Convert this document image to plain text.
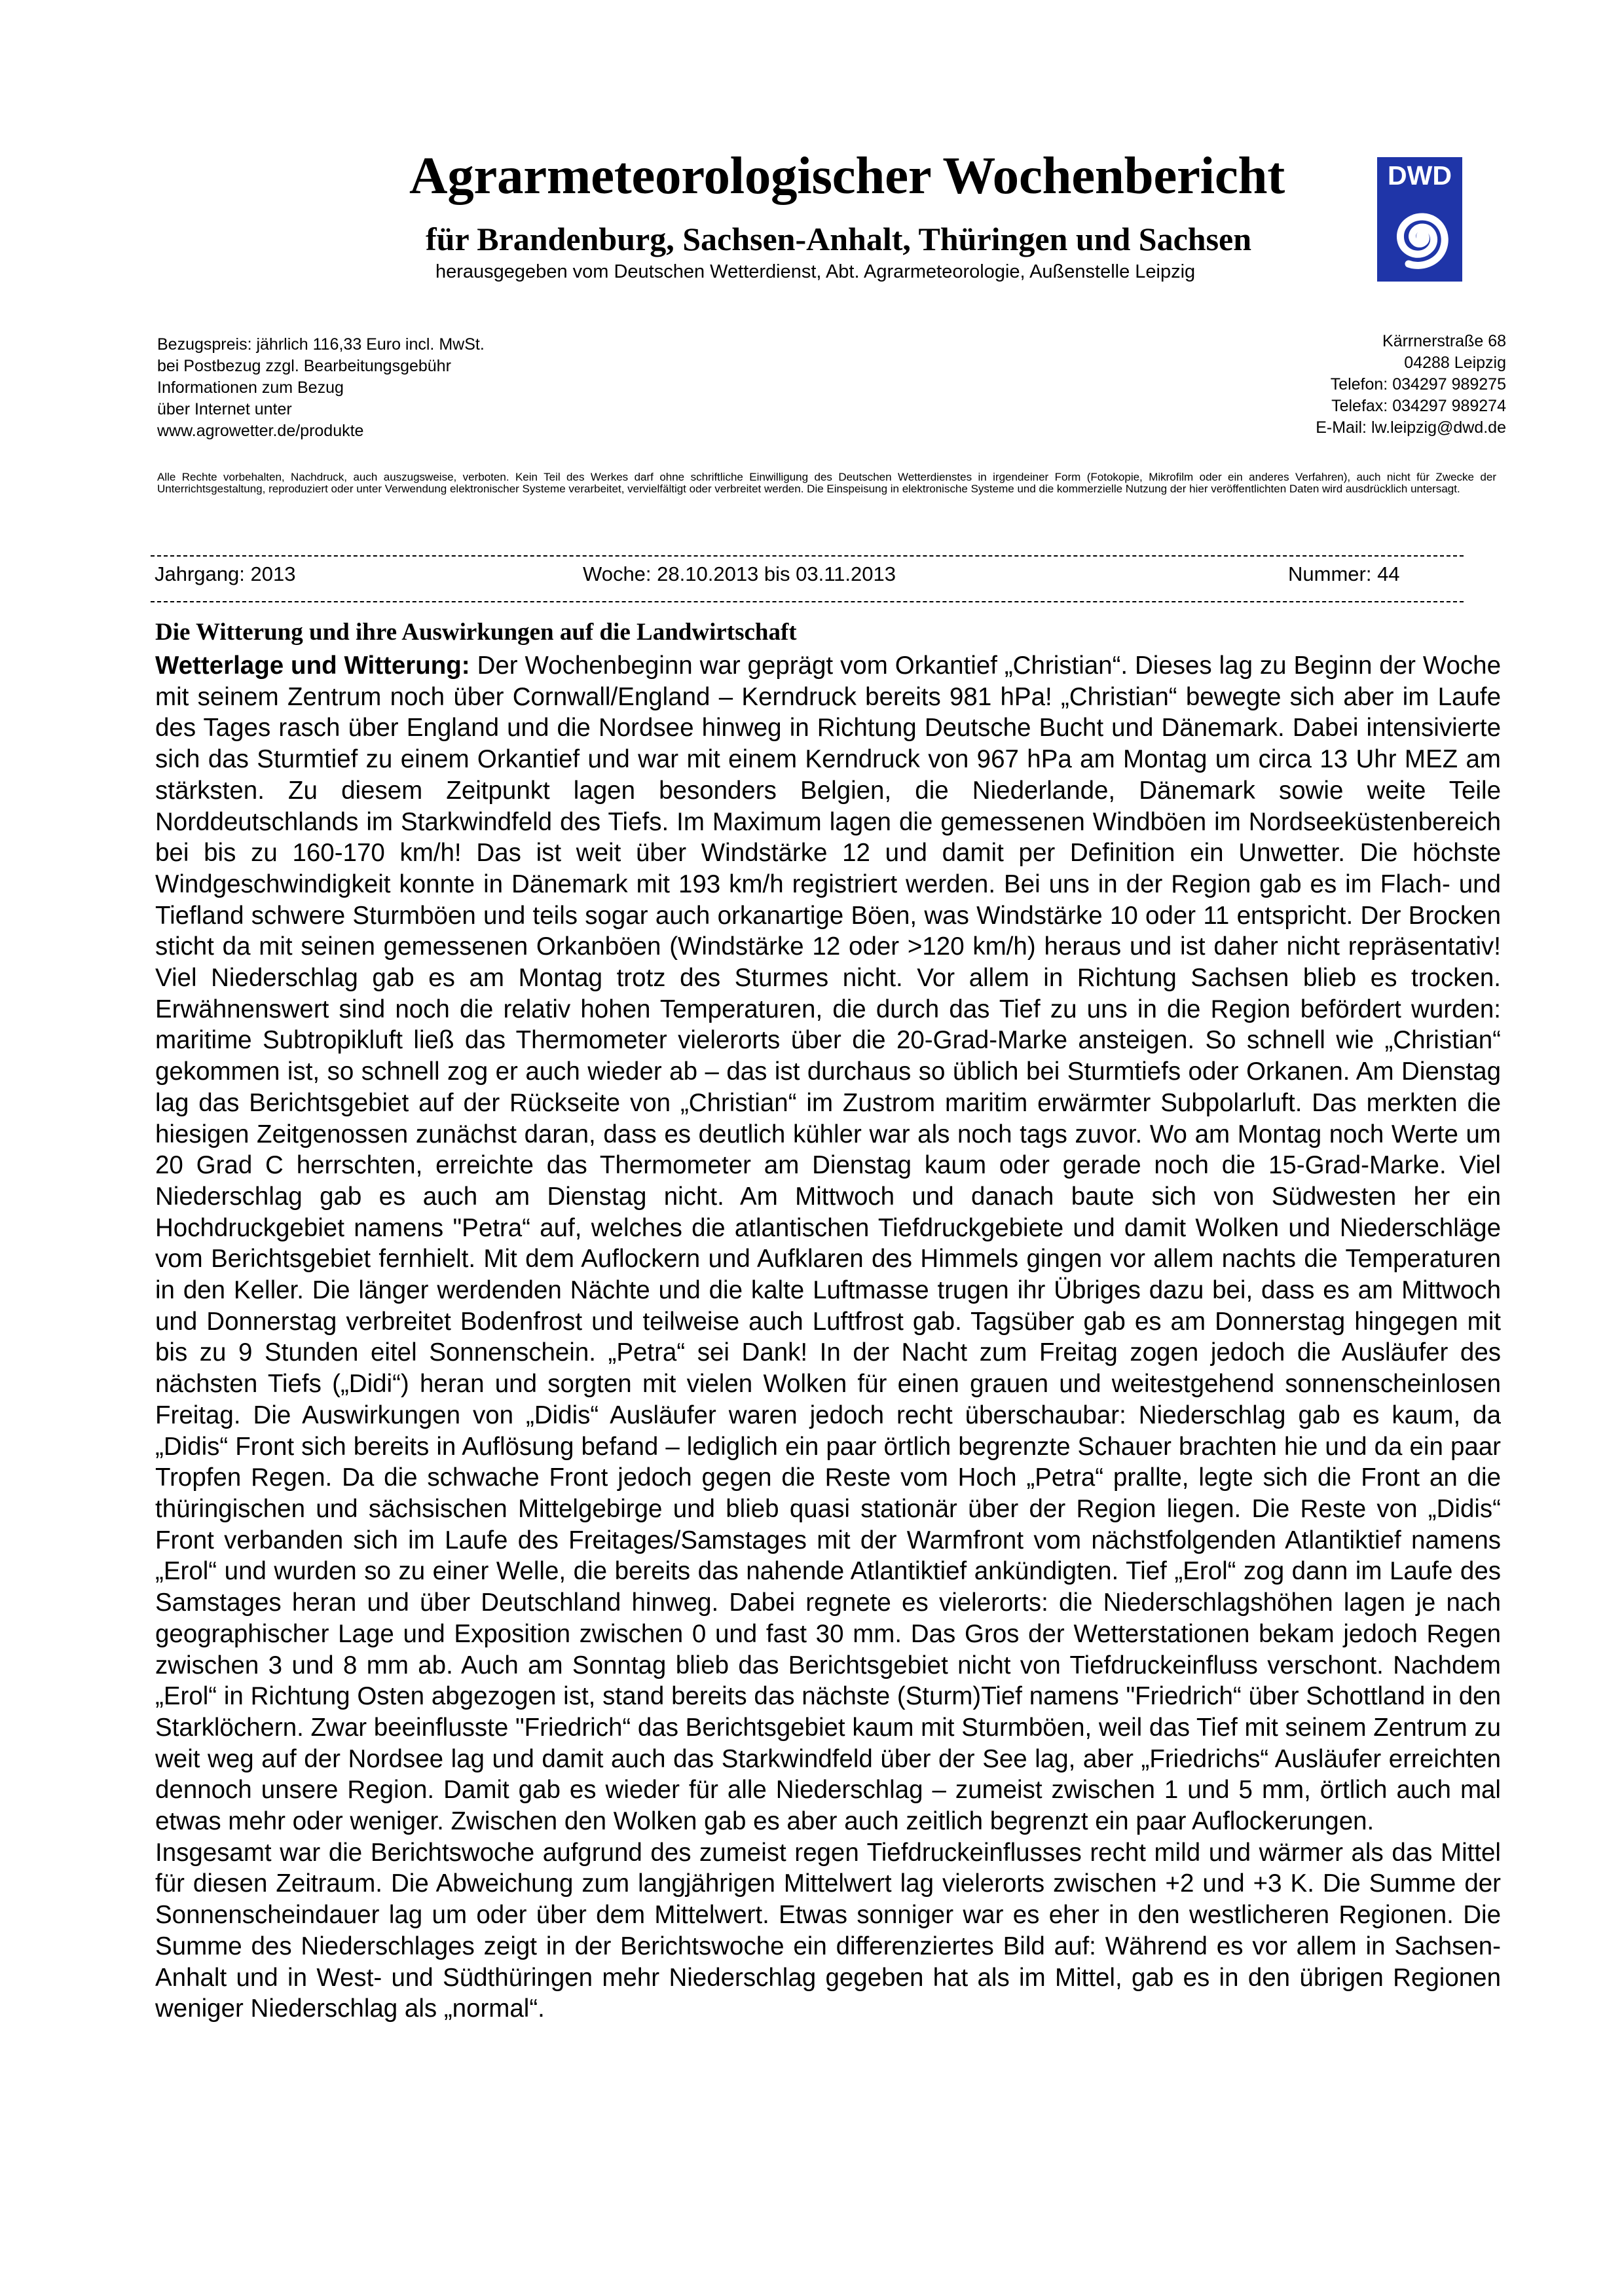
Agrarmeteorologischer Wochenbericht
für Brandenburg, Sachsen-Anhalt, Thüringen und Sachsen
herausgegeben vom Deutschen Wetterdienst, Abt. Agrarmeteorologie, Außenstelle Leipzig
DWD
Bezugspreis: jährlich 116,33 Euro incl. MwSt.
bei Postbezug zzgl. Bearbeitungsgebühr
Informationen zum Bezug
über Internet unter
www.agrowetter.de/produkte
Kärrnerstraße 68
04288 Leipzig
Telefon: 034297 989275
Telefax: 034297 989274
E-Mail: lw.leipzig@dwd.de
Alle Rechte vorbehalten, Nachdruck, auch auszugsweise, verboten. Kein Teil des Werkes darf ohne schriftliche Einwilligung des Deutschen Wetterdienstes in irgendeiner Form (Fotokopie, Mikrofilm oder ein anderes Verfahren), auch nicht für Zwecke der Unterrichtsgestaltung, reproduziert oder unter Verwendung elektronischer Systeme verarbeitet, vervielfältigt oder verbreitet werden. Die Einspeisung in elektronische Systeme und die kommerzielle Nutzung der hier veröffentlichten Daten wird ausdrücklich untersagt.
Jahrgang: 2013	Woche: 28.10.2013 bis 03.11.2013	Nummer: 44
Die Witterung und ihre Auswirkungen auf die Landwirtschaft

Wetterlage und Witterung: Der Wochenbeginn war geprägt vom Orkantief „Christian“. Dieses lag zu Beginn der Woche mit seinem Zentrum noch über Cornwall/England – Kerndruck bereits 981 hPa! „Christian“ bewegte sich aber im Laufe des Tages rasch über England und die Nordsee hinweg in Richtung Deutsche Bucht und Dänemark. Dabei intensivierte sich das Sturmtief zu einem Orkantief und war mit einem Kerndruck von 967 hPa am Montag um circa 13 Uhr MEZ am stärksten. Zu diesem Zeitpunkt lagen besonders Belgien, die Niederlande, Dänemark sowie weite Teile Norddeutschlands im Starkwindfeld des Tiefs. Im Maximum lagen die gemessenen Windböen im Nordseeküstenbereich bei bis zu 160-170 km/h! Das ist weit über Windstärke 12 und damit per Definition ein Unwetter. Die höchste Windgeschwindigkeit konnte in Dänemark mit 193 km/h registriert werden. Bei uns in der Region gab es im Flach- und Tiefland schwere Sturmböen und teils sogar auch orkanartige Böen, was Windstärke 10 oder 11 entspricht. Der Brocken sticht da mit seinen gemessenen Orkanböen (Windstärke 12 oder >120 km/h) heraus und ist daher nicht repräsentativ! Viel Niederschlag gab es am Montag trotz des Sturmes nicht. Vor allem in Richtung Sachsen blieb es trocken. Erwähnenswert sind noch die relativ hohen Temperaturen, die durch das Tief zu uns in die Region befördert wurden: maritime Subtropikluft ließ das Thermometer vielerorts über die 20-Grad-Marke ansteigen. So schnell wie „Christian“ gekommen ist, so schnell zog er auch wieder ab – das ist durchaus so üblich bei Sturmtiefs oder Orkanen. Am Dienstag lag das Berichtsgebiet auf der Rückseite von „Christian“ im Zustrom maritim erwärmter Subpolarluft. Das merkten die hiesigen Zeitgenossen zunächst daran, dass es deutlich kühler war als noch tags zuvor. Wo am Montag noch Werte um 20 Grad C herrschten, erreichte das Thermometer am Dienstag kaum oder gerade noch die 15-Grad-Marke. Viel Niederschlag gab es auch am Dienstag nicht. Am Mittwoch und danach baute sich von Südwesten her ein Hochdruckgebiet namens "Petra“ auf, welches die atlantischen Tiefdruckgebiete und damit Wolken und Niederschläge vom Berichtsgebiet fernhielt. Mit dem Auflockern und Aufklaren des Himmels gingen vor allem nachts die Temperaturen in den Keller. Die länger werdenden Nächte und die kalte Luftmasse trugen ihr Übriges dazu bei, dass es am Mittwoch und Donnerstag verbreitet Bodenfrost und teilweise auch Luftfrost gab. Tagsüber gab es am Donnerstag hingegen mit bis zu 9 Stunden eitel Sonnenschein. „Petra“ sei Dank! In der Nacht zum Freitag zogen jedoch die Ausläufer des nächsten Tiefs („Didi“) heran und sorgten mit vielen Wolken für einen grauen und weitestgehend sonnenscheinlosen Freitag. Die Auswirkungen von „Didis“ Ausläufer waren jedoch recht überschaubar: Niederschlag gab es kaum, da „Didis“ Front sich bereits in Auflösung befand – lediglich ein paar örtlich begrenzte Schauer brachten hie und da ein paar Tropfen Regen. Da die schwache Front jedoch gegen die Reste vom Hoch „Petra“ prallte, legte sich die Front an die thüringischen und sächsischen Mittelgebirge und blieb quasi stationär über der Region liegen. Die Reste von „Didis“ Front verbanden sich im Laufe des Freitages/Samstages mit der Warmfront vom nächstfolgenden Atlantiktief namens „Erol“ und wurden so zu einer Welle, die bereits das nahende Atlantiktief ankündigten. Tief „Erol“ zog dann im Laufe des Samstages heran und über Deutschland hinweg. Dabei regnete es vielerorts: die Niederschlagshöhen lagen je nach geographischer Lage und Exposition zwischen 0 und fast 30 mm. Das Gros der Wetterstationen bekam jedoch Regen zwischen 3 und 8 mm ab. Auch am Sonntag blieb das Berichtsgebiet nicht von Tiefdruckeinfluss verschont. Nachdem „Erol“ in Richtung Osten abgezogen ist, stand bereits das nächste (Sturm)Tief namens "Friedrich“ über Schottland in den Starklöchern. Zwar beeinflusste "Friedrich“ das Berichtsgebiet kaum mit Sturmböen, weil das Tief mit seinem Zentrum zu weit weg auf der Nordsee lag und damit auch das Starkwindfeld über der See lag, aber „Friedrichs“ Ausläufer erreichten dennoch unsere Region. Damit gab es wieder für alle Niederschlag – zumeist zwischen 1 und 5 mm, örtlich auch mal etwas mehr oder weniger. Zwischen den Wolken gab es aber auch zeitlich begrenzt ein paar Auflockerungen.

Insgesamt war die Berichtswoche aufgrund des zumeist regen Tiefdruckeinflusses recht mild und wärmer als das Mittel für diesen Zeitraum. Die Abweichung zum langjährigen Mittelwert lag vielerorts zwischen +2 und +3 K. Die Summe der Sonnenscheindauer lag um oder über dem Mittelwert. Etwas sonniger war es eher in den westlicheren Regionen. Die Summe des Niederschlages zeigt in der Berichtswoche ein differenziertes Bild auf: Während es vor allem in Sachsen-Anhalt und in West- und Südthüringen mehr Niederschlag gegeben hat als im Mittel, gab es in den übrigen Regionen weniger Niederschlag als „normal“.
